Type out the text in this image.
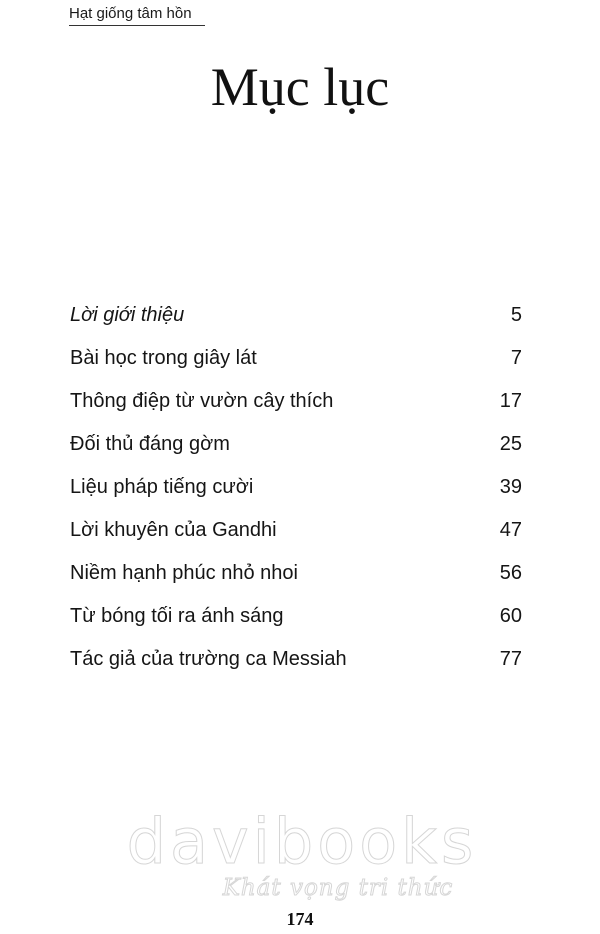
Hạt giống tâm hồn
Mục lục
Lời giới thiệu	5
Bài học trong giây lát	7
Thông điệp từ vườn cây thích	17
Đối thủ đáng gờm	25
Liệu pháp tiếng cười	39
Lời khuyên của Gandhi	47
Niềm hạnh phúc nhỏ nhoi	56
Từ bóng tối ra ánh sáng	60
Tác giả của trường ca Messiah	77
davibooks
Khát vọng tri thức
174
